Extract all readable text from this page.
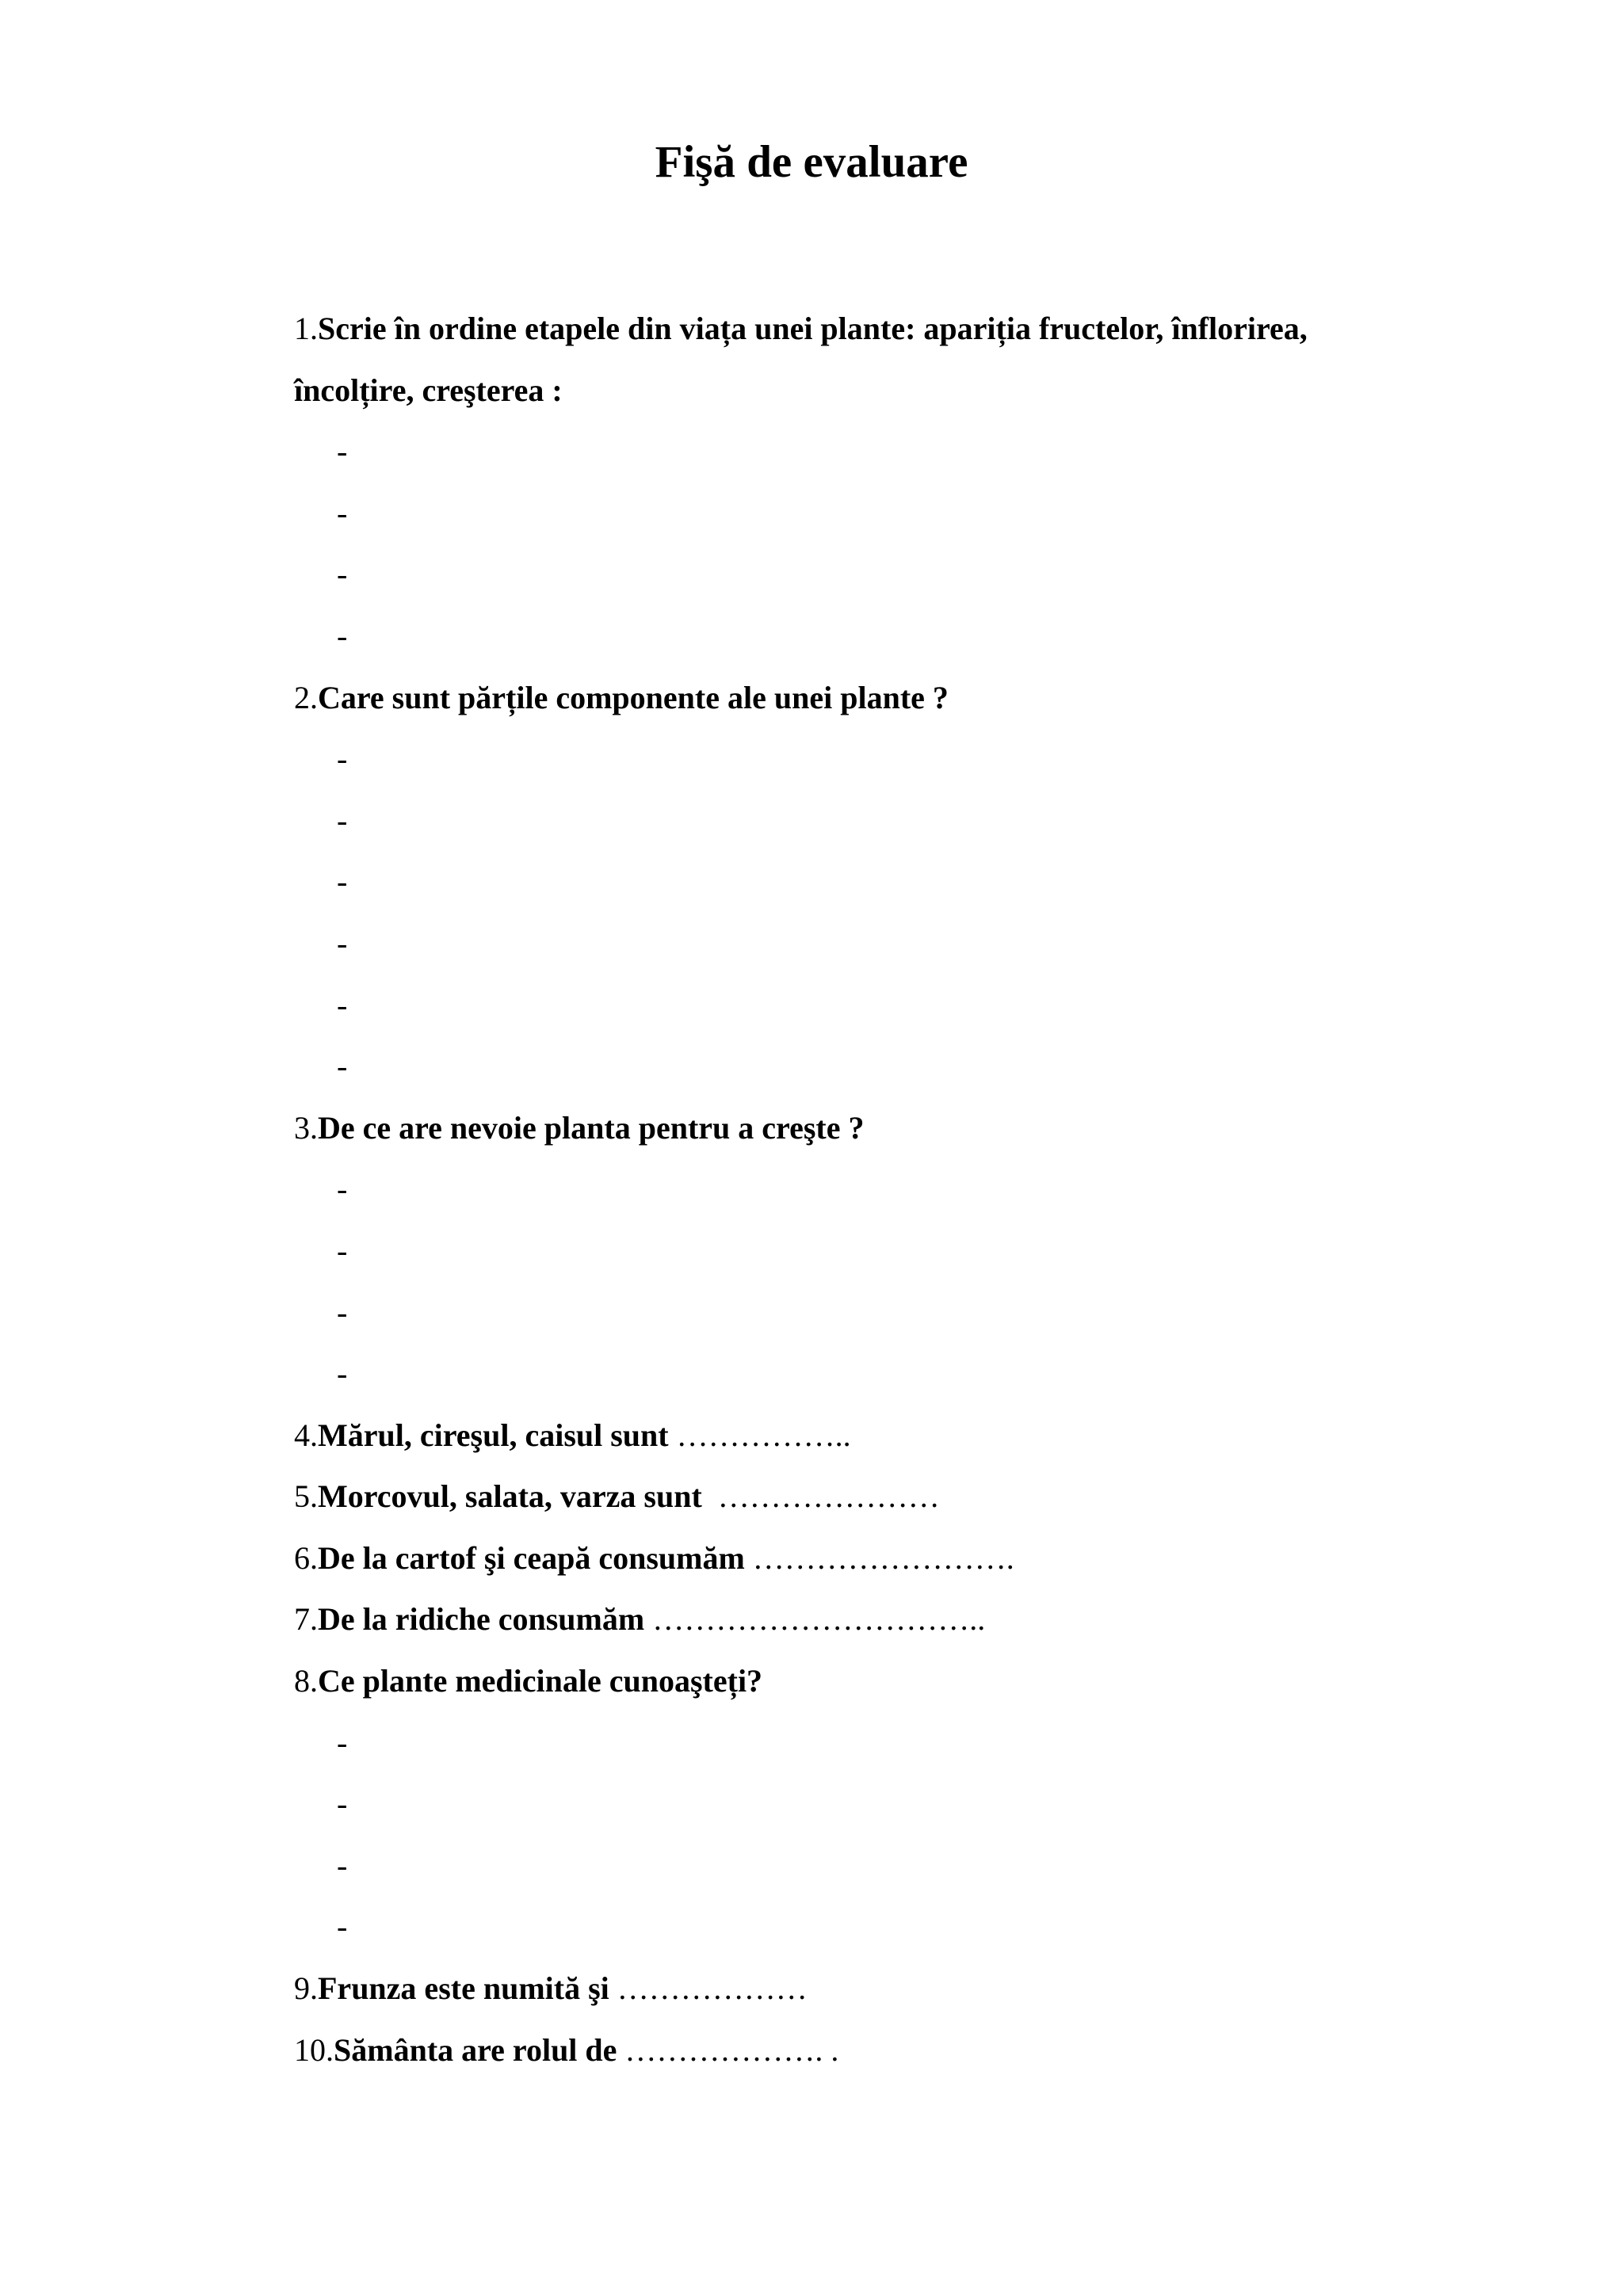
Fişă de evaluare
1.Scrie în ordine etapele din viața unei plante: apariția fructelor, înflorirea,
încolțire, creşterea :
-
-
-
-
2.Care sunt părțile componente ale unei plante ?
-
-
-
-
-
-
3.De ce are nevoie planta pentru a creşte ?
-
-
-
-
4.Mărul, cireşul, caisul sunt ……………..
5.Morcovul, salata, varza sunt  …………………
6.De la cartof şi ceapă consumăm …………………….
7.De la ridiche consumăm …………………………..
8.Ce plante medicinale cunoaşteți?
-
-
-
-
9.Frunza este numită şi ………………
10.Sământa are rolul de ………………. .
